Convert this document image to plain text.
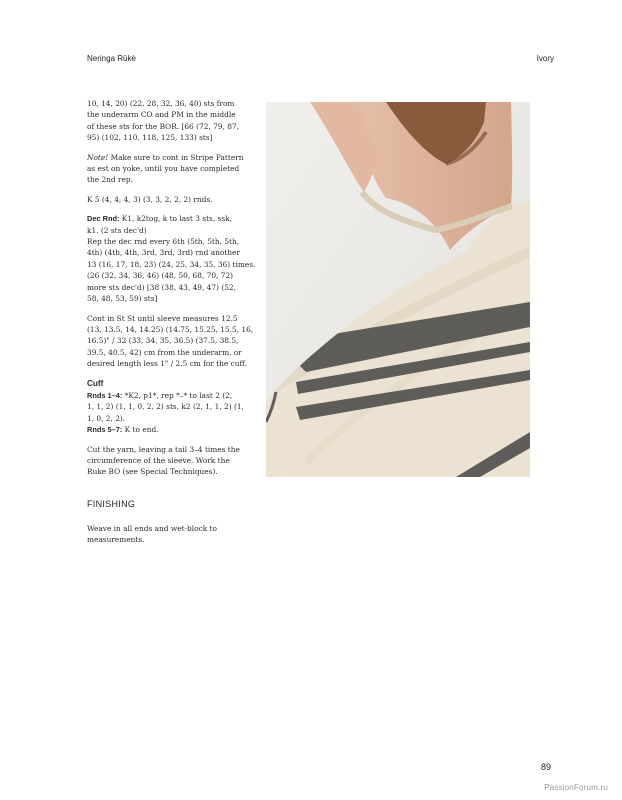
Neringa Rūkė	Ivory

10, 14, 20) (22, 28, 32, 36, 40) sts from
the underarm CO and PM in the middle
of these sts for the BOR. [66 (72, 79, 87,
95) (102, 110, 118, 125, 133) sts]

Note! Make sure to cont in Stripe Pattern
as est on yoke, until you have completed
the 2nd rep.

K 5 (4, 4, 4, 3) (3, 3, 2, 2, 2) rnds.

Dec Rnd: K1, k2tog, k to last 3 sts, ssk,
k1. (2 sts dec'd)
Rep the dec rnd every 6th (5th, 5th, 5th,
4th) (4th, 4th, 3rd, 3rd, 3rd) rnd another
13 (16, 17, 18, 23) (24, 25, 34, 35, 36) times.
(26 (32, 34, 36, 46) (48, 50, 68, 70, 72)
more sts dec'd) [38 (38, 43, 49, 47) (52,
58, 48, 53, 59) sts]

Cont in St St until sleeve measures 12.5
(13, 13.5, 14, 14.25) (14.75, 15.25, 15.5, 16,
16.5)" / 32 (33, 34, 35, 36.5) (37.5, 38.5,
39.5, 40.5, 42) cm from the underarm, or
desired length less 1" / 2.5 cm for the cuff.

Cuff
Rnds 1–4: *K2, p1*, rep *–* to last 2 (2,
1, 1, 2) (1, 1, 0, 2, 2) sts, k2 (2, 1, 1, 2) (1,
1, 0, 2, 2).
Rnds 5–7: K to end.

Cut the yarn, leaving a tail 3–4 times the
circumference of the sleeve. Work the
Ruke BO (see Special Techniques).

FINISHING

Weave in all ends and wet-block to
measurements.

89
PassionForum.ru
